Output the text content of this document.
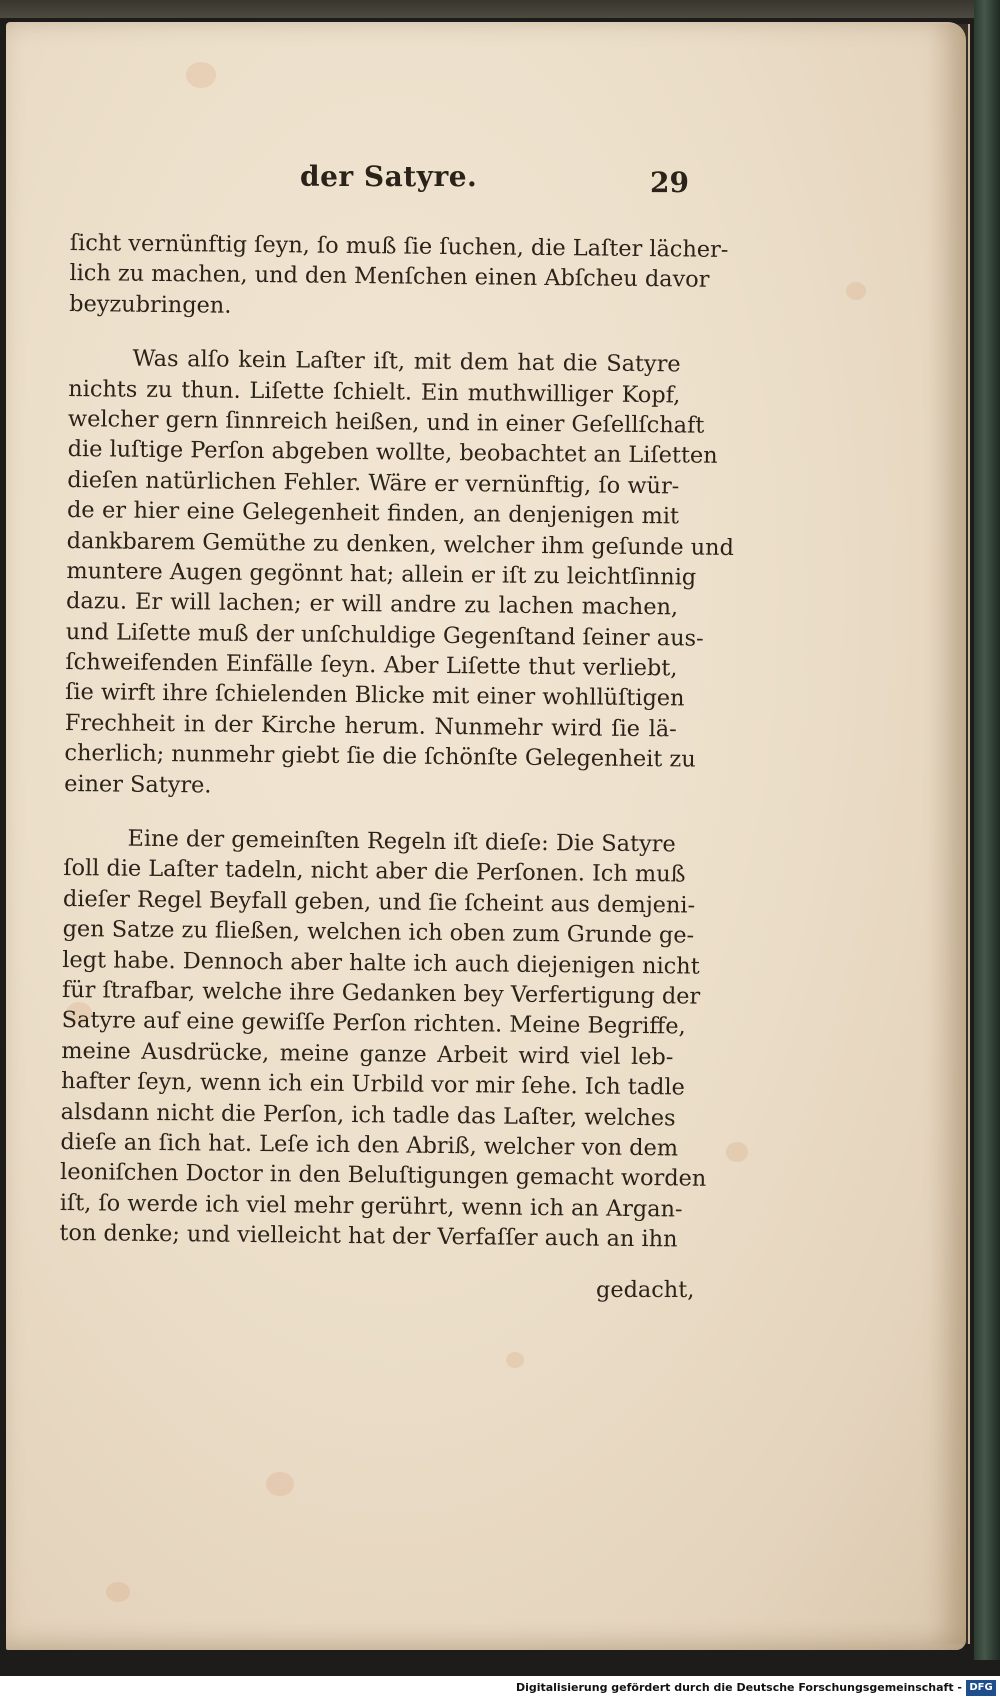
der Satyre.	29
ſicht vernünftig ſeyn, ſo muß ſie ſuchen, die Laſter lächer-
lich zu machen, und den Menſchen einen Abſcheu davor
beyzubringen.
Was alſo kein Laſter iſt, mit dem hat die Satyre
nichts zu thun. Liſette ſchielt. Ein muthwilliger Kopf,
welcher gern ſinnreich heißen, und in einer Geſellſchaft
die luſtige Perſon abgeben wollte, beobachtet an Liſetten
dieſen natürlichen Fehler. Wäre er vernünftig, ſo wür-
de er hier eine Gelegenheit finden, an denjenigen mit
dankbarem Gemüthe zu denken, welcher ihm geſunde und
muntere Augen gegönnt hat; allein er iſt zu leichtſinnig
dazu. Er will lachen; er will andre zu lachen machen,
und Liſette muß der unſchuldige Gegenſtand ſeiner aus-
ſchweifenden Einfälle ſeyn. Aber Liſette thut verliebt,
ſie wirft ihre ſchielenden Blicke mit einer wohllüſtigen
Frechheit in der Kirche herum. Nunmehr wird ſie lä-
cherlich; nunmehr giebt ſie die ſchönſte Gelegenheit zu
einer Satyre.
Eine der gemeinſten Regeln iſt dieſe: Die Satyre
ſoll die Laſter tadeln, nicht aber die Perſonen. Ich muß
dieſer Regel Beyfall geben, und ſie ſcheint aus demjeni-
gen Satze zu fließen, welchen ich oben zum Grunde ge-
legt habe. Dennoch aber halte ich auch diejenigen nicht
für ſtrafbar, welche ihre Gedanken bey Verfertigung der
Satyre auf eine gewiſſe Perſon richten. Meine Begriffe,
meine Ausdrücke, meine ganze Arbeit wird viel leb-
hafter ſeyn, wenn ich ein Urbild vor mir ſehe. Ich tadle
alsdann nicht die Perſon, ich tadle das Laſter, welches
dieſe an ſich hat. Leſe ich den Abriß, welcher von dem
leoniſchen Doctor in den Beluſtigungen gemacht worden
iſt, ſo werde ich viel mehr gerührt, wenn ich an Argan-
ton denke; und vielleicht hat der Verfaſſer auch an ihn
gedacht,
Digitalisierung gefördert durch die Deutsche Forschungsgemeinschaft - DFG
